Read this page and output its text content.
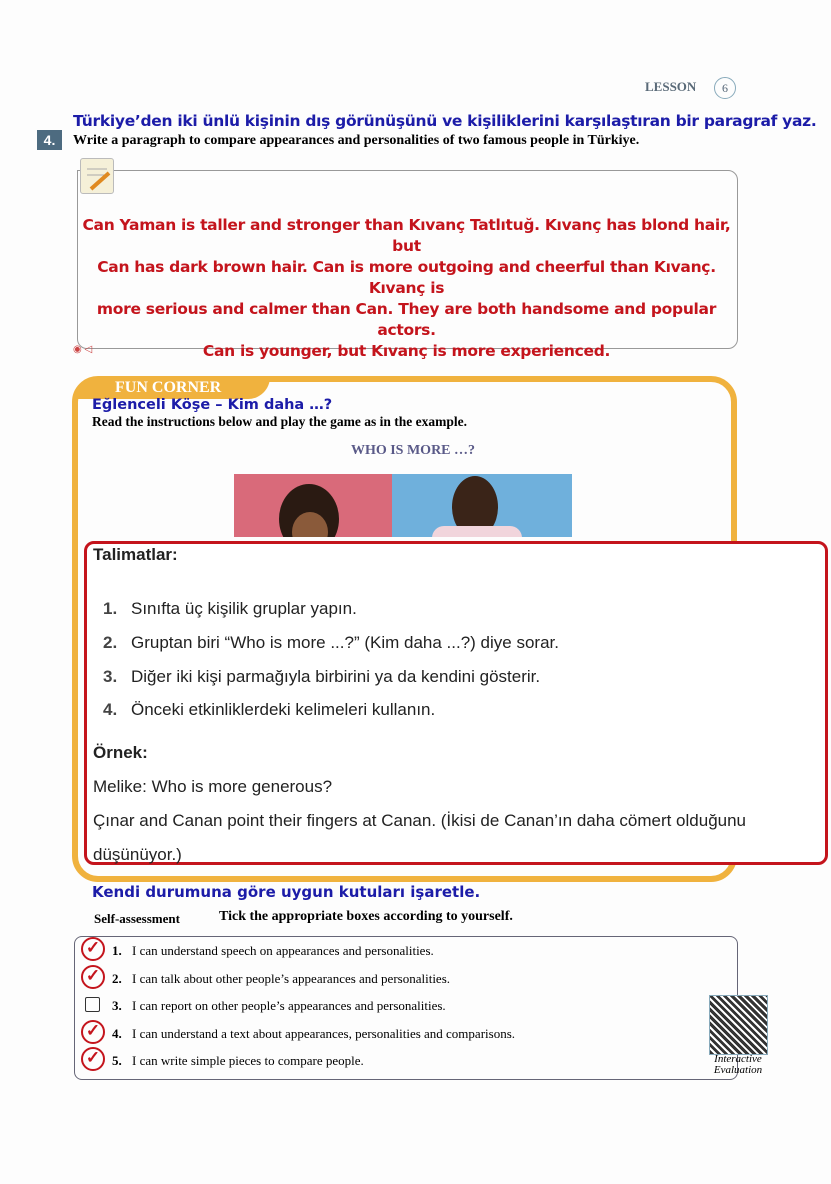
LESSON	6
Türkiye’den iki ünlü kişinin dış görünüşünü ve kişiliklerini karşılaştıran bir paragraf yaz.
4.	Write a paragraph to compare appearances and personalities of two famous people in Türkiye.
Can Yaman is taller and stronger than Kıvanç Tatlıtuğ. Kıvanç has blond hair, but
Can has dark brown hair. Can is more outgoing and cheerful than Kıvanç. Kıvanç is
more serious and calmer than Can. They are both handsome and popular actors.
Can is younger, but Kıvanç is more experienced.
◉ ◁
FUN CORNER
Eğlenceli Köşe – Kim daha …?
Read the instructions below and play the game as in the example.
WHO IS MORE …?
Talimatlar:
1. Sınıfta üç kişilik gruplar yapın.
2. Gruptan biri “Who is more ...?” (Kim daha ...?) diye sorar.
3. Diğer iki kişi parmağıyla birbirini ya da kendini gösterir.
4. Önceki etkinliklerdeki kelimeleri kullanın.
Örnek:
Melike: Who is more generous?
Çınar and Canan point their fingers at Canan. (İkisi de Canan’ın daha cömert olduğunu
düşünüyor.)
Kendi durumuna göre uygun kutuları işaretle.
Self-assessment	Tick the appropriate boxes according to yourself.
✓ 1. I can understand speech on appearances and personalities.
✓ 2. I can talk about other people’s appearances and personalities.
3. I can report on other people’s appearances and personalities.
✓ 4. I can understand a text about appearances, personalities and comparisons.
✓ 5. I can write simple pieces to compare people.	Interactive
Evaluation
